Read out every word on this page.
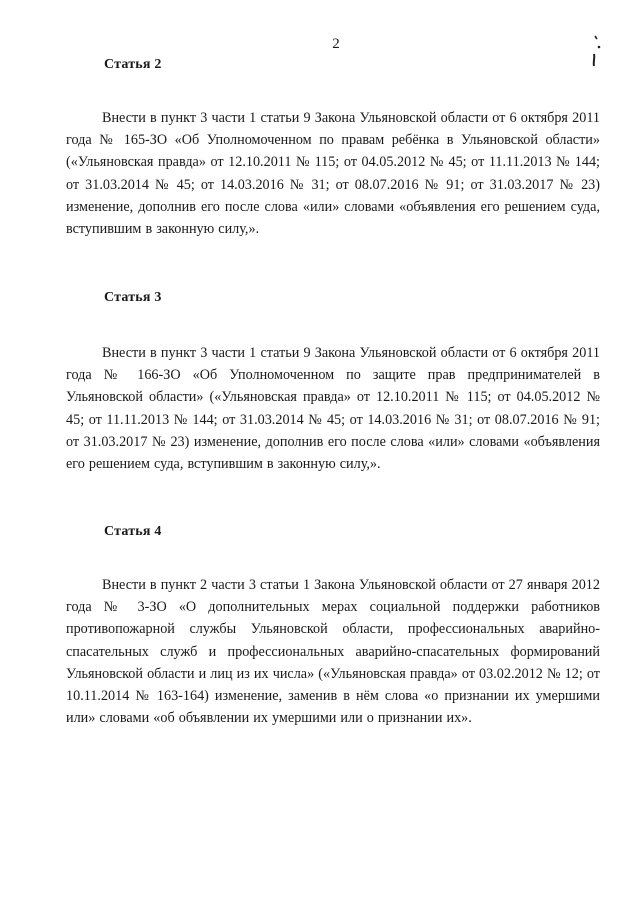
2
Статья 2
Внести в пункт 3 части 1 статьи 9 Закона Ульяновской области от 6 октября 2011 года № 165-ЗО «Об Уполномоченном по правам ребёнка в Ульяновской области» («Ульяновская правда» от 12.10.2011 № 115; от 04.05.2012 № 45; от 11.11.2013 № 144; от 31.03.2014 № 45; от 14.03.2016 № 31; от 08.07.2016 № 91; от 31.03.2017 № 23) изменение, дополнив его после слова «или» словами «объявления его решением суда, вступившим в законную силу,».
Статья 3
Внести в пункт 3 части 1 статьи 9 Закона Ульяновской области от 6 октября 2011 года № 166-ЗО «Об Уполномоченном по защите прав предпринимателей в Ульяновской области» («Ульяновская правда» от 12.10.2011 № 115; от 04.05.2012 № 45; от 11.11.2013 № 144; от 31.03.2014 № 45; от 14.03.2016 № 31; от 08.07.2016 № 91; от 31.03.2017 № 23) изменение, дополнив его после слова «или» словами «объявления его решением суда, вступившим в законную силу,».
Статья 4
Внести в пункт 2 части 3 статьи 1 Закона Ульяновской области от 27 января 2012 года № 3-ЗО «О дополнительных мерах социальной поддержки работников противопожарной службы Ульяновской области, профессиональных аварийно-спасательных служб и профессиональных аварийно-спасательных формирований Ульяновской области и лиц из их числа» («Ульяновская правда» от 03.02.2012 № 12; от 10.11.2014 № 163-164) изменение, заменив в нём слова «о признании их умершими или» словами «об объявлении их умершими или о признании их».
